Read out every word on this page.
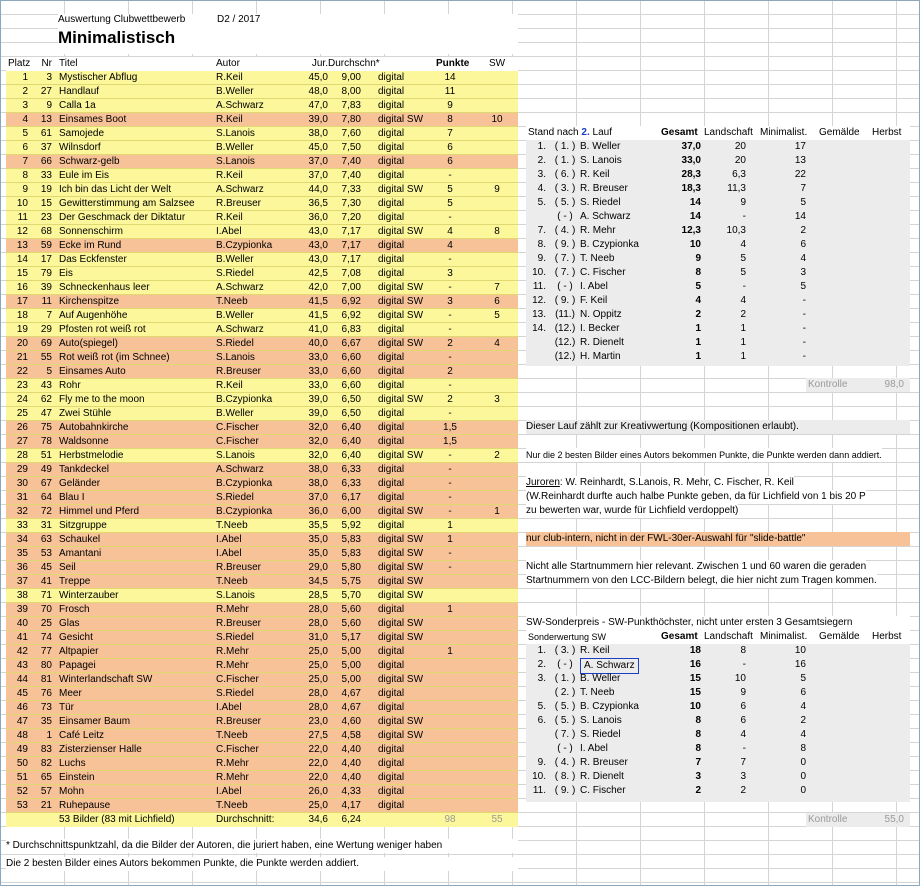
Auswertung Clubwettbewerb	D2 / 2017
Minimalistisch
Platz	Nr Titel	Autor	Jur. Durchschn*	Punkte	SW
1	3 Mystischer Abflug	R.Keil	45,0	9,00 digital	14
2	27 Handlauf	B.Weller	48,0	8,00 digital	11
3	9 Calla 1a	A.Schwarz	47,0	7,83 digital	9
4	13 Einsames Boot	R.Keil	39,0	7,80 digital SW	8	10
5	61 Samojede	S.Lanois	38,0	7,60 digital	7
6	37 Wilnsdorf	B.Weller	45,0	7,50 digital	6
7	66 Schwarz-gelb	S.Lanois	37,0	7,40 digital	6
8	33 Eule im Eis	R.Keil	37,0	7,40 digital	-
9	19 Ich bin das Licht der Welt	A.Schwarz	44,0	7,33 digital SW	5	9
10	15 Gewitterstimmung am Salzsee R.Breuser	36,5	7,30 digital	5
11	23 Der Geschmack der Diktatur	R.Keil	36,0	7,20 digital	-
12	68 Sonnenschirm	I.Abel	43,0	7,17 digital SW	4	8
13	59 Ecke im Rund	B.Czypionka	43,0	7,17 digital	4
14	17 Das Eckfenster	B.Weller	43,0	7,17 digital	-
15	79 Eis	S.Riedel	42,5	7,08 digital	3
16	39 Schneckenhaus leer	A.Schwarz	42,0	7,00 digital SW	-	7
17	11 Kirchenspitze	T.Neeb	41,5	6,92 digital SW	3	6
18	7 Auf Augenhöhe	B.Weller	41,5	6,92 digital SW	-	5
19	29 Pfosten rot weiß rot	A.Schwarz	41,0	6,83 digital	-
20	69 Auto(spiegel)	S.Riedel	40,0	6,67 digital SW	2	4
21	55 Rot weiß rot (im Schnee)	S.Lanois	33,0	6,60 digital	-
22	5 Einsames Auto	R.Breuser	33,0	6,60 digital	2
23	43 Rohr	R.Keil	33,0	6,60 digital	-
24	62 Fly me to the moon	B.Czypionka	39,0	6,50 digital SW	2	3
25	47 Zwei Stühle	B.Weller	39,0	6,50 digital	-
26	75 Autobahnkirche	C.Fischer	32,0	6,40 digital	1,5
27	78 Waldsonne	C.Fischer	32,0	6,40 digital	1,5
28	51 Herbstmelodie	S.Lanois	32,0	6,40 digital SW	-	2
29	49 Tankdeckel	A.Schwarz	38,0	6,33 digital	-
30	67 Geländer	B.Czypionka	38,0	6,33 digital	-
31	64 Blau I	S.Riedel	37,0	6,17 digital	-
32	72 Himmel und Pferd	B.Czypionka	36,0	6,00 digital SW	-	1
33	31 Sitzgruppe	T.Neeb	35,5	5,92 digital	1
34	63 Schaukel	I.Abel	35,0	5,83 digital SW	1
35	53 Amantani	I.Abel	35,0	5,83 digital SW	-
36	45 Seil	R.Breuser	29,0	5,80 digital SW	-
37	41 Treppe	T.Neeb	34,5	5,75 digital SW
38	71 Winterzauber	S.Lanois	28,5	5,70 digital SW
39	70 Frosch	R.Mehr	28,0	5,60 digital	1
40	25 Glas	R.Breuser	28,0	5,60 digital SW
41	74 Gesicht	S.Riedel	31,0	5,17 digital SW
42	77 Altpapier	R.Mehr	25,0	5,00 digital	1
43	80 Papagei	R.Mehr	25,0	5,00 digital
44	81 Winterlandschaft SW	C.Fischer	25,0	5,00 digital SW
45	76 Meer	S.Riedel	28,0	4,67 digital
46	73 Tür	I.Abel	28,0	4,67 digital
47	35 Einsamer Baum	R.Breuser	23,0	4,60 digital SW
48	1 Café Leitz	T.Neeb	27,5	4,58 digital SW
49	83 Zisterzienser Halle	C.Fischer	22,0	4,40 digital
50	82 Luchs	R.Mehr	22,0	4,40 digital
51	65 Einstein	R.Mehr	22,0	4,40 digital
52	57 Mohn	I.Abel	26,0	4,33 digital
53	21 Ruhepause	T.Neeb	25,0	4,17 digital
53 Bilder (83 mit Lichfield)	Durchschnitt:	34,6	6,24	98	55
* Durchschnittspunktzahl, da die Bilder der Autoren, die juriert haben, eine Wertung weniger haben
Die 2 besten Bilder eines Autors bekommen Punkte, die Punkte werden addiert.
Stand nach 2. Lauf	Gesamt Landschaft Minimalist. Gemälde Herbst
1. ( 1. ) B. Weller	37,0	20	17
2. ( 1. ) S. Lanois	33,0	20	13
3. ( 6. ) R. Keil	28,3	6,3	22
4. ( 3. ) R. Breuser	18,3	11,3	7
5. ( 5. ) S. Riedel	14	9	5
( - ) A. Schwarz	14	-	14
7. ( 4. ) R. Mehr	12,3	10,3	2
8. ( 9. ) B. Czypionka	10	4	6
9. ( 7. ) T. Neeb	9	5	4
10. ( 7. ) C. Fischer	8	5	3
11.	( - ) I. Abel	5	-	5
12. ( 9. ) F. Keil	4	4	-
13. (11.) N. Oppitz	2	2	-
14. (12.) I. Becker	1	1	-
(12.) R. Dienelt	1	1	-
(12.) H. Martin	1	1	-
Kontrolle	98,0
Dieser Lauf zählt zur Kreativwertung (Kompositionen erlaubt).
Nur die 2 besten Bilder eines Autors bekommen Punkte, die Punkte werden dann addiert.
Juroren: W. Reinhardt, S.Lanois, R. Mehr, C. Fischer, R. Keil
(W.Reinhardt durfte auch halbe Punkte geben, da für Lichfield von 1 bis 20 P
zu bewerten war, wurde für Lichfield verdoppelt)
nur club-intern, nicht in der FWL-30er-Auswahl für "slide-battle"
Nicht alle Startnummern hier relevant. Zwischen 1 und 60 waren die geraden
Startnummern von den LCC-Bildern belegt, die hier nicht zum Tragen kommen.
SW-Sonderpreis - SW-Punkthöchster, nicht unter ersten 3 Gesamtsiegern
Sonderwertung SW	Gesamt Landschaft Minimalist. Gemälde Herbst
1. ( 3. ) R. Keil	18	8	10
2.	( - )	A. Schwarz	16	-	16
3. ( 1. ) B. Weller	15	10	5
( 2. ) T. Neeb	15	9	6
5. ( 5. ) B. Czypionka	10	6	4
6. ( 5. ) S. Lanois	8	6	2
( 7. ) S. Riedel	8	4	4
( - ) I. Abel	8	-	8
9. ( 4. ) R. Breuser	7	7	0
10. ( 8. ) R. Dienelt	3	3	0
11. ( 9. ) C. Fischer	2	2	0
Kontrolle	55,0
